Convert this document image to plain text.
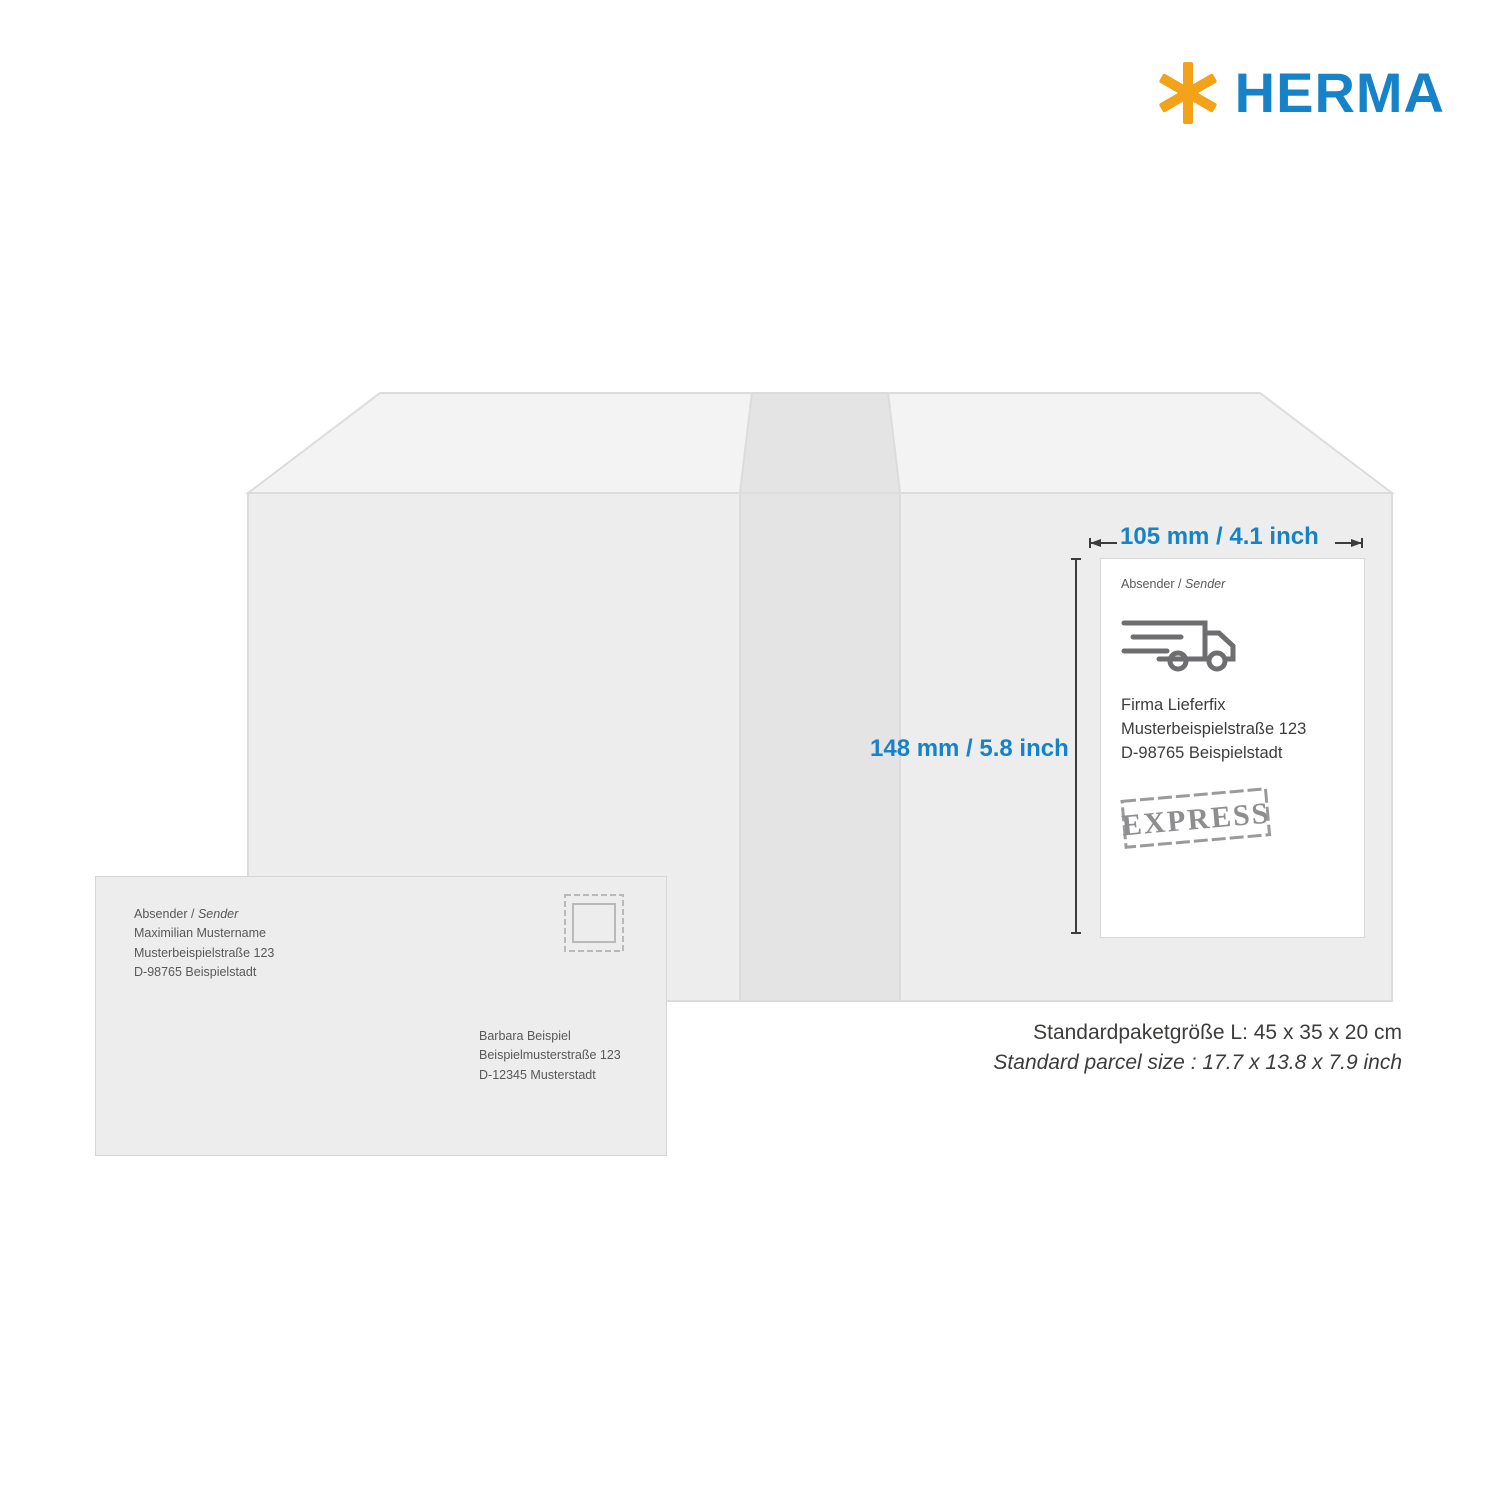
HERMA
105 mm / 4.1 inch
148 mm / 5.8 inch
Absender / Sender
Firma Lieferfix
Musterbeispielstraße 123
D-98765 Beispielstadt
EXPRESS
Standardpaketgröße L: 45 x 35 x 20 cm
Standard parcel size : 17.7 x 13.8 x 7.9 inch
Absender / Sender
Maximilian Mustername
Musterbeispielstraße 123
D-98765 Beispielstadt
Barbara Beispiel
Beispielmusterstraße 123
D-12345 Musterstadt
